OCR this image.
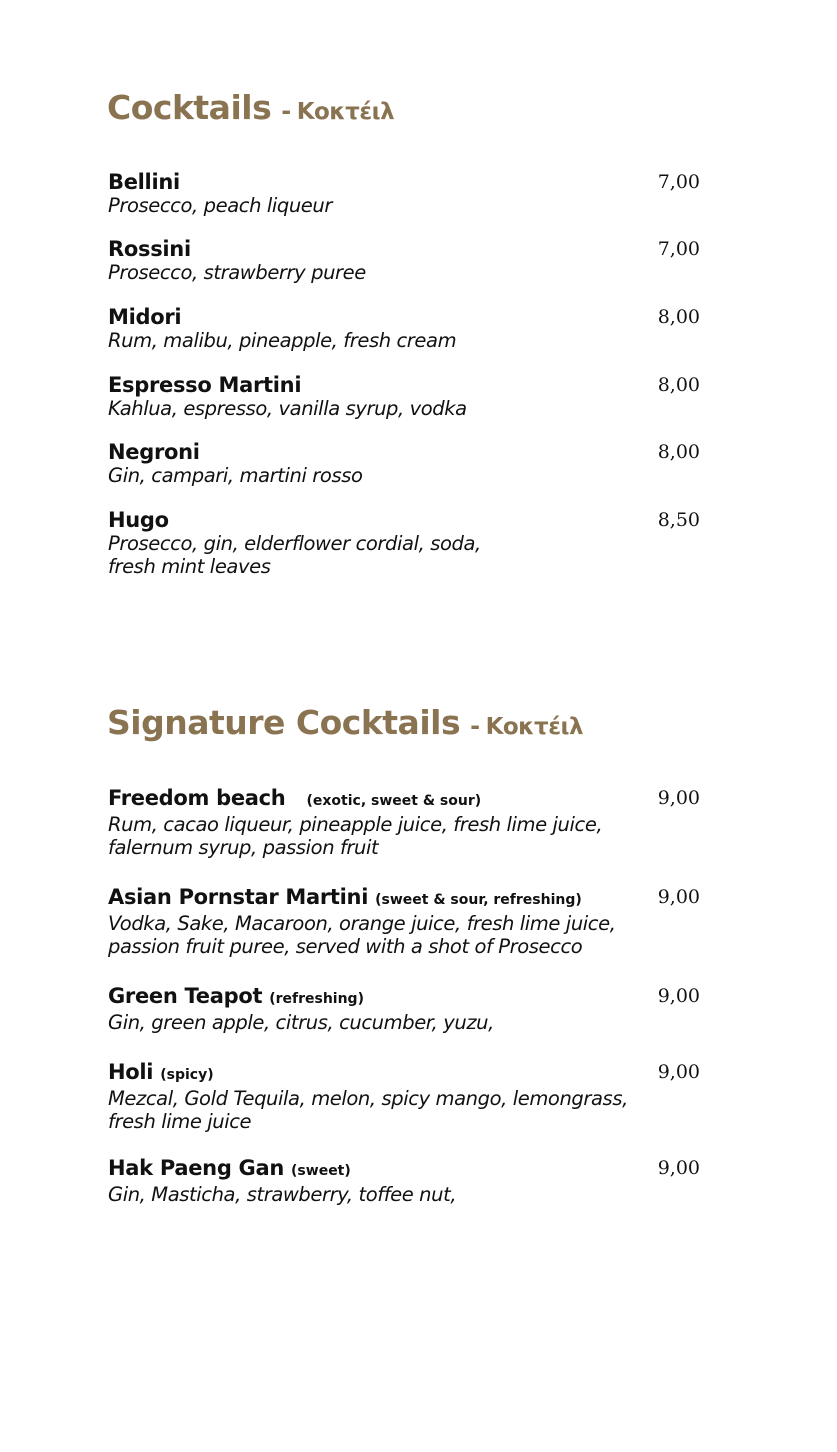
Cocktails - Κοκτέιλ
Bellini
Prosecco, peach liqueur
7,00
Rossini
Prosecco, strawberry puree
7,00
Midori
Rum, malibu, pineapple, fresh cream
8,00
Espresso Martini
Kahlua, espresso, vanilla syrup, vodka
8,00
Negroni
Gin, campari, martini rosso
8,00
Hugo
Prosecco, gin, elderflower cordial, soda, fresh mint leaves
8,50
Signature Cocktails - Κοκτέιλ
Freedom beach (exotic, sweet & sour)
Rum, cacao liqueur, pineapple juice, fresh lime juice, falernum syrup, passion fruit
9,00
Asian Pornstar Martini (sweet & sour, refreshing)
Vodka, Sake, Macaroon, orange juice, fresh lime juice, passion fruit puree, served with a shot of Prosecco
9,00
Green Teapot (refreshing)
Gin, green apple, citrus, cucumber, yuzu,
9,00
Holi (spicy)
Mezcal, Gold Tequila, melon, spicy mango, lemongrass, fresh lime juice
9,00
Hak Paeng Gan (sweet)
Gin, Masticha, strawberry, toffee nut,
9,00
